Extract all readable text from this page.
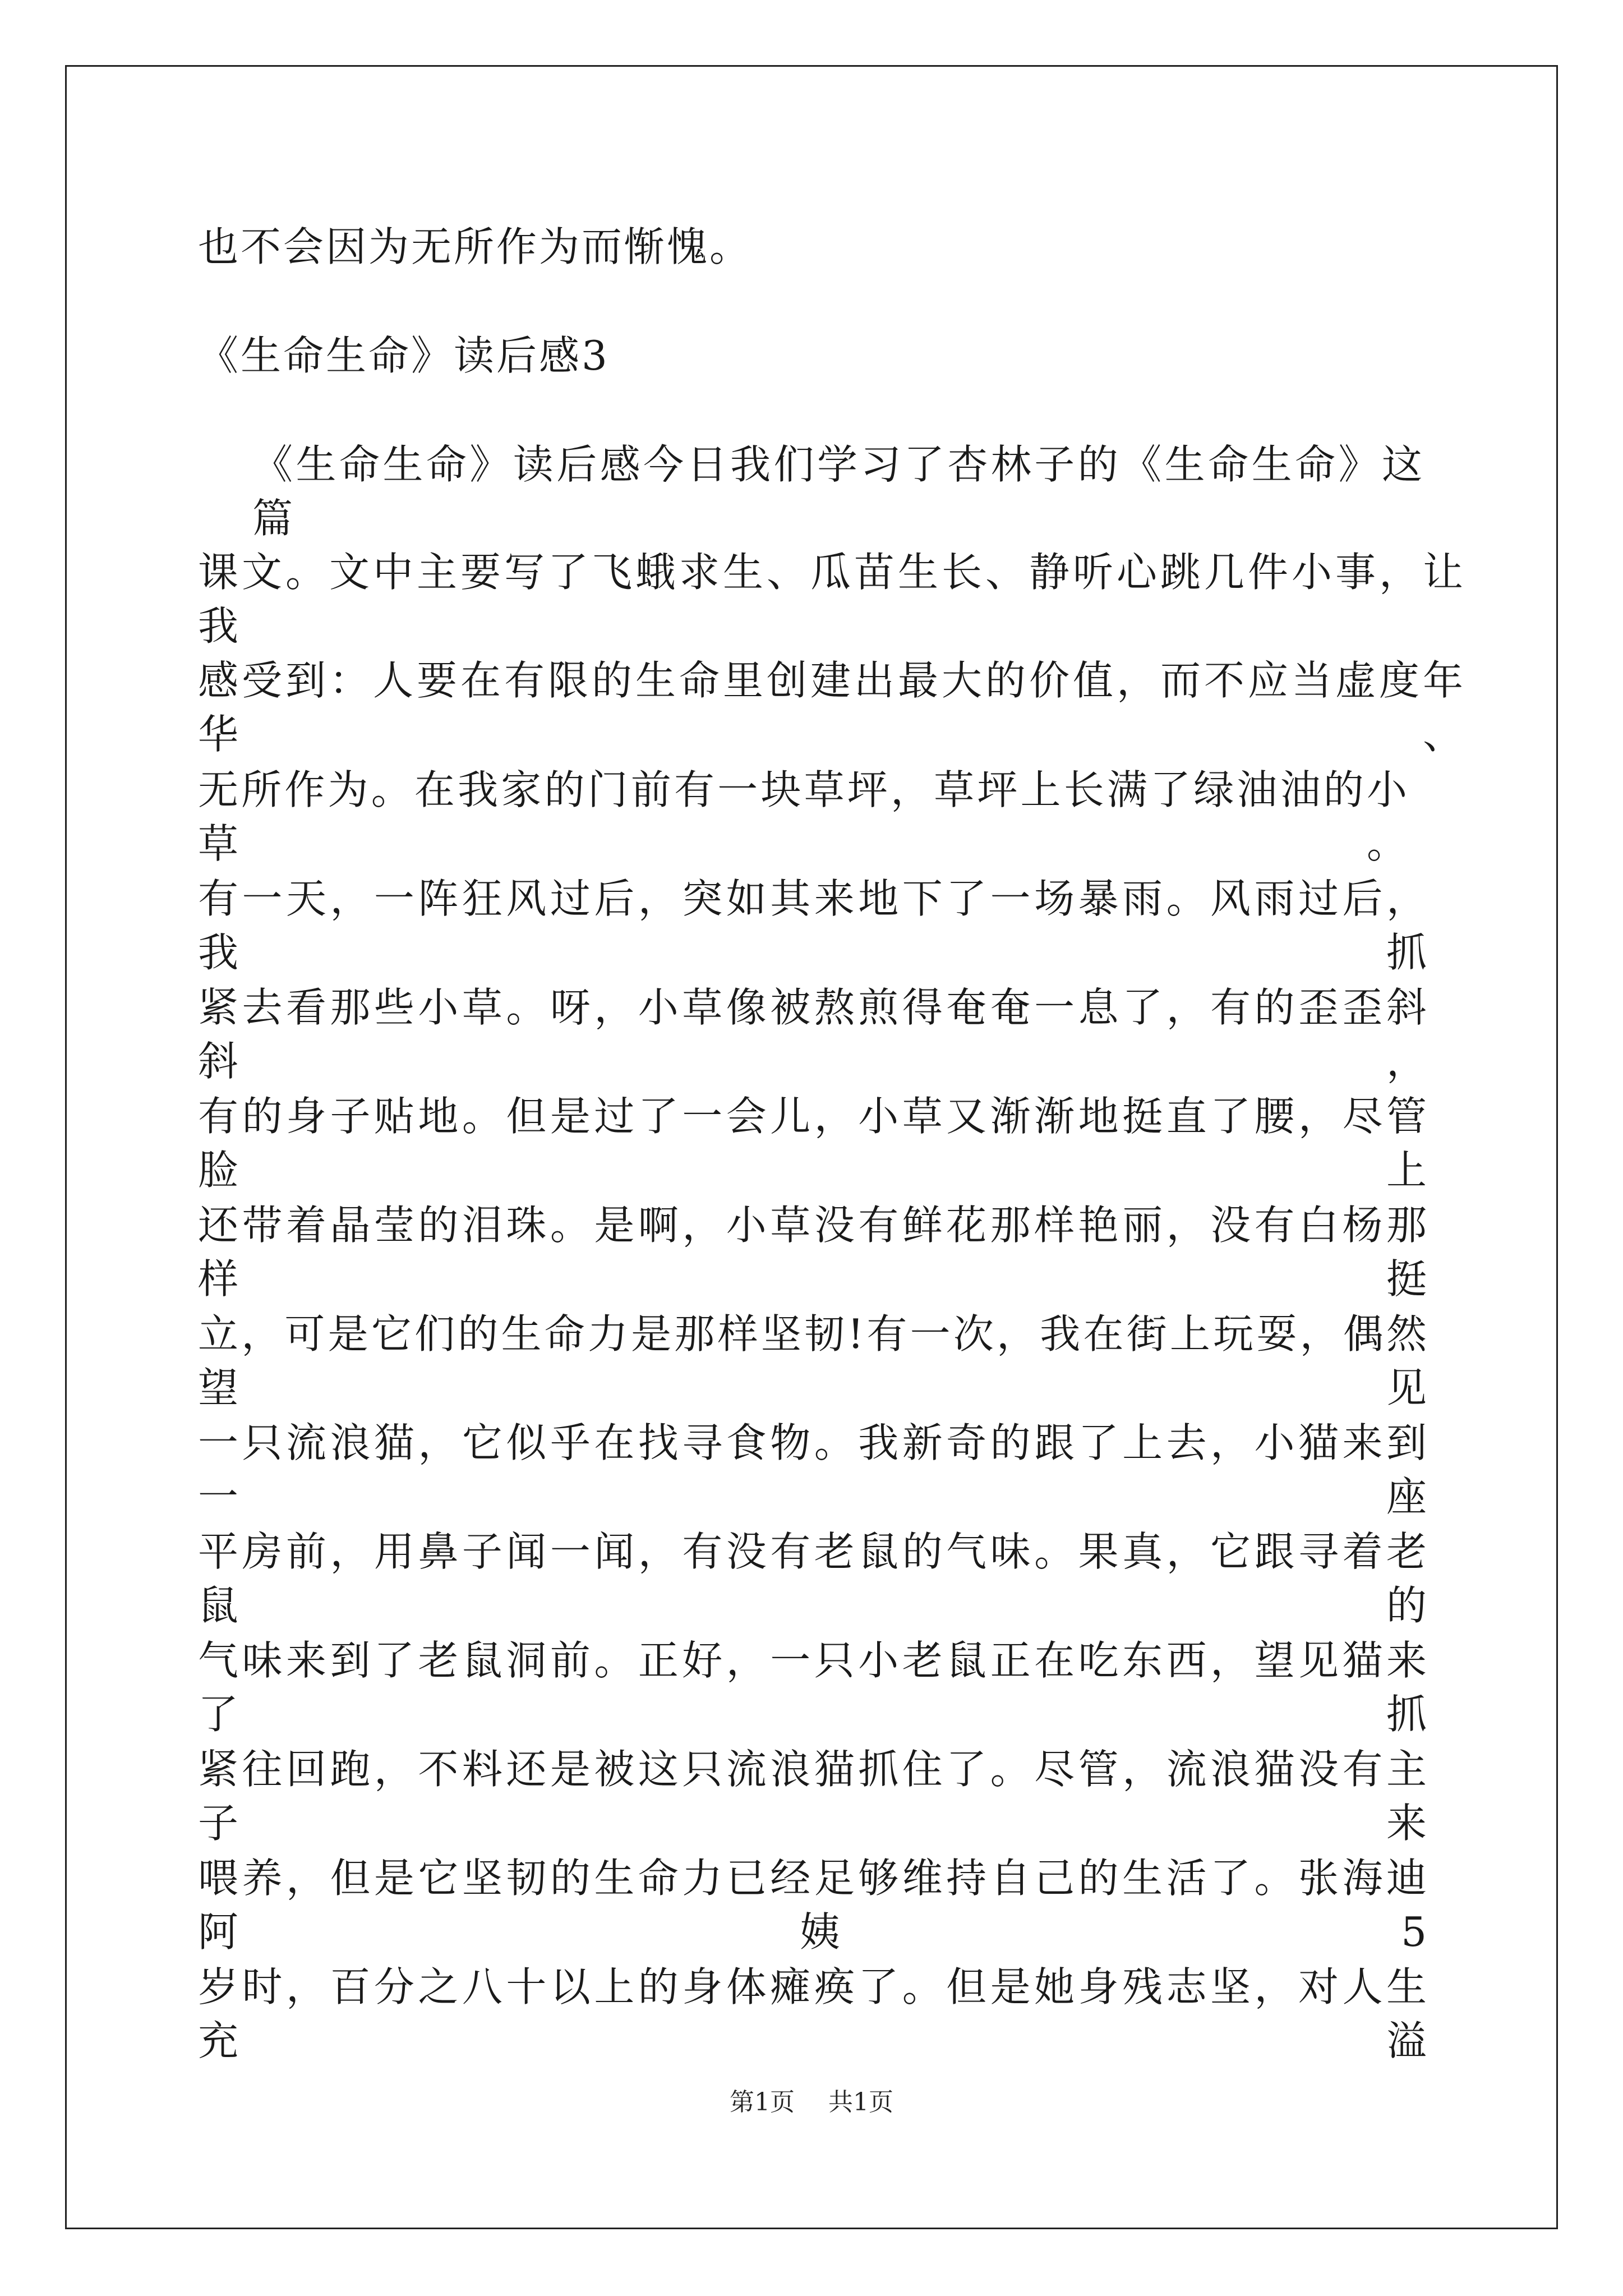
也不会因为无所作为而惭愧。
《生命生命》读后感3
《生命生命》读后感今日我们学习了杏林子的《生命生命》这篇
课文。文中主要写了飞蛾求生、瓜苗生长、静听心跳几件小事，让我
感受到：人要在有限的生命里创建出最大的价值，而不应当虚度年华、
无所作为。在我家的门前有一块草坪，草坪上长满了绿油油的小草。
有一天，一阵狂风过后，突如其来地下了一场暴雨。风雨过后，我抓
紧去看那些小草。呀，小草像被熬煎得奄奄一息了，有的歪歪斜斜，
有的身子贴地。但是过了一会儿，小草又渐渐地挺直了腰，尽管脸上
还带着晶莹的泪珠。是啊，小草没有鲜花那样艳丽，没有白杨那样挺
立，可是它们的生命力是那样坚韧!有一次，我在街上玩耍，偶然望见
一只流浪猫，它似乎在找寻食物。我新奇的跟了上去，小猫来到一座
平房前，用鼻子闻一闻，有没有老鼠的气味。果真，它跟寻着老鼠的
气味来到了老鼠洞前。正好，一只小老鼠正在吃东西，望见猫来了抓
紧往回跑，不料还是被这只流浪猫抓住了。尽管，流浪猫没有主子来
喂养，但是它坚韧的生命力已经足够维持自己的生活了。张海迪阿姨5
岁时，百分之八十以上的身体瘫痪了。但是她身残志坚，对人生充溢
第1页 共1页
